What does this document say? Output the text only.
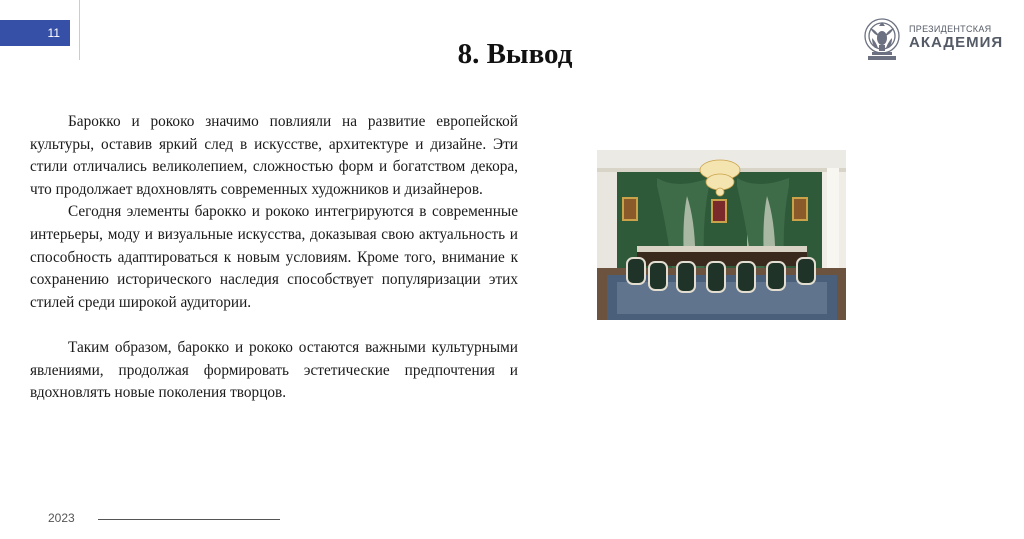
11
8. Вывод
ПРЕЗИДЕНТСКАЯ
АКАДЕМИЯ

Барокко и рококо значимо повлияли на развитие европейской культуры, оставив яркий след в искусстве, архитектуре и дизайне. Эти стили отличались великолепием, сложностью форм и богатством декора, что продолжает вдохновлять современных художников и дизайнеров.

Сегодня элементы барокко и рококо интегрируются в современные интерьеры, моду и визуальные искусства, доказывая свою актуальность и способность адаптироваться к новым условиям. Кроме того, внимание к сохранению исторического наследия способствует популяризации этих стилей среди широкой аудитории.

Таким образом, барокко и рококо остаются важными культурными явлениями, продолжая формировать эстетические предпочтения и вдохновлять новые поколения творцов.

2023
